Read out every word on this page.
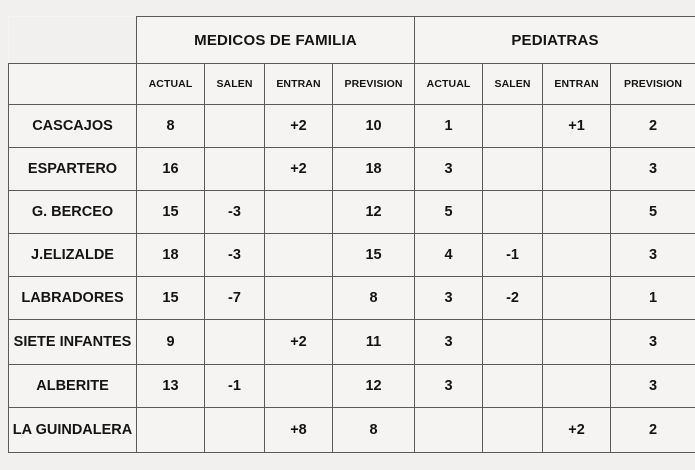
	MEDICOS DE FAMILIA				PEDIATRAS			
	ACTUAL	SALEN	ENTRAN	PREVISION	ACTUAL	SALEN	ENTRAN	PREVISION
CASCAJOS	8		+2	10	1		+1	2
ESPARTERO	16		+2	18	3			3
G. BERCEO	15	-3		12	5			5
J.ELIZALDE	18	-3		15	4	-1		3
LABRADORES	15	-7		8	3	-2		1
SIETE INFANTES	9		+2	11	3			3
ALBERITE	13	-1		12	3			3
LA GUINDALERA			+8	8			+2	2
